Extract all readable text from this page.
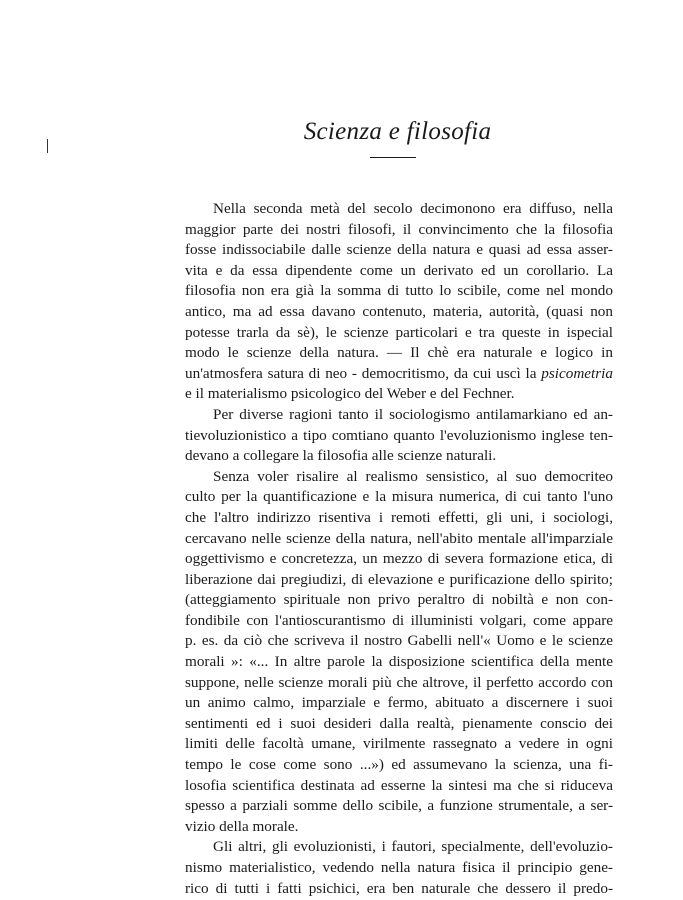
Scienza e filosofia
Nella seconda metà del secolo decimonono era diffuso, nella
maggior parte dei nostri filosofi, il convincimento che la filosofia
fosse indissociabile dalle scienze della natura e quasi ad essa asser-
vita e da essa dipendente come un derivato ed un corollario. La
filosofia non era già la somma di tutto lo scibile, come nel mondo
antico, ma ad essa davano contenuto, materia, autorità, (quasi non
potesse trarla da sè), le scienze particolari e tra queste in ispecial
modo le scienze della natura. — Il chè era naturale e logico in
un'atmosfera satura di neo - democritismo, da cui uscì la psicometria
e il materialismo psicologico del Weber e del Fechner.
Per diverse ragioni tanto il sociologismo antilamarkiano ed an-
tievoluzionistico a tipo comtiano quanto l'evoluzionismo inglese ten-
devano a collegare la filosofia alle scienze naturali.
Senza voler risalire al realismo sensistico, al suo democriteo
culto per la quantificazione e la misura numerica, di cui tanto l'uno
che l'altro indirizzo risentiva i remoti effetti, gli uni, i sociologi,
cercavano nelle scienze della natura, nell'abito mentale all'imparziale
oggettivismo e concretezza, un mezzo di severa formazione etica, di
liberazione dai pregiudizi, di elevazione e purificazione dello spirito;
(atteggiamento spirituale non privo peraltro di nobiltà e non con-
fondibile con l'antioscurantismo di illuministi volgari, come appare
p. es. da ciò che scriveva il nostro Gabelli nell'« Uomo e le scienze
morali »: «... In altre parole la disposizione scientifica della mente
suppone, nelle scienze morali più che altrove, il perfetto accordo con
un animo calmo, imparziale e fermo, abituato a discernere i suoi
sentimenti ed i suoi desideri dalla realtà, pienamente conscio dei
limiti delle facoltà umane, virilmente rassegnato a vedere in ogni
tempo le cose come sono ...») ed assumevano la scienza, una fi-
losofia scientifica destinata ad esserne la sintesi ma che si riduceva
spesso a parziali somme dello scibile, a funzione strumentale, a ser-
vizio della morale.
Gli altri, gli evoluzionisti, i fautori, specialmente, dell'evoluzio-
nismo materialistico, vedendo nella natura fisica il principio gene-
rico di tutti i fatti psichici, era ben naturale che dessero il predo-
